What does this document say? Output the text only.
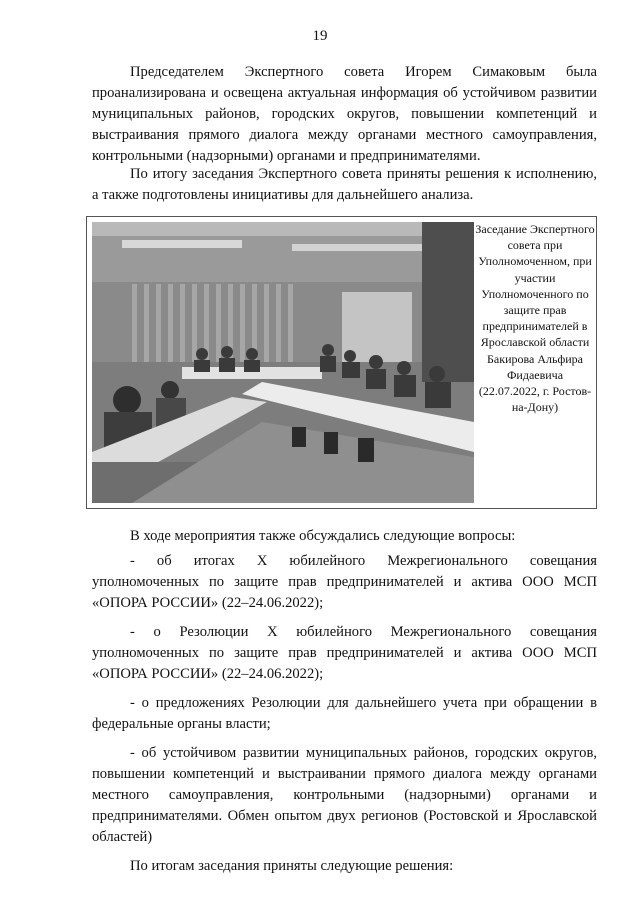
19

Председателем Экспертного совета Игорем Симаковым была проанализирована и освещена актуальная информация об устойчивом развитии муниципальных районов, городских округов, повышении компетенций и выстраивания прямого диалога между органами местного самоуправления, контрольными (надзорными) органами и предпринимателями.

По итогу заседания Экспертного совета приняты решения к исполнению, а также подготовлены инициативы для дальнейшего анализа.

Заседание Экспертного совета при Уполномоченном, при участии Уполномоченного по защите прав предпринимателей в Ярославской области Бакирова Альфира Фидаевича (22.07.2022, г. Ростов-на-Дону)

В ходе мероприятия также обсуждались следующие вопросы:

- об итогах X юбилейного Межрегионального совещания уполномоченных по защите прав предпринимателей и актива ООО МСП «ОПОРА РОССИИ» (22–24.06.2022);

- о Резолюции X юбилейного Межрегионального совещания уполномоченных по защите прав предпринимателей и актива ООО МСП «ОПОРА РОССИИ» (22–24.06.2022);

- о предложениях Резолюции для дальнейшего учета при обращении в федеральные органы власти;

- об устойчивом развитии муниципальных районов, городских округов, повышении компетенций и выстраивании прямого диалога между органами местного самоуправления, контрольными (надзорными) органами и предпринимателями. Обмен опытом двух регионов (Ростовской и Ярославской областей)

По итогам заседания приняты следующие решения:
